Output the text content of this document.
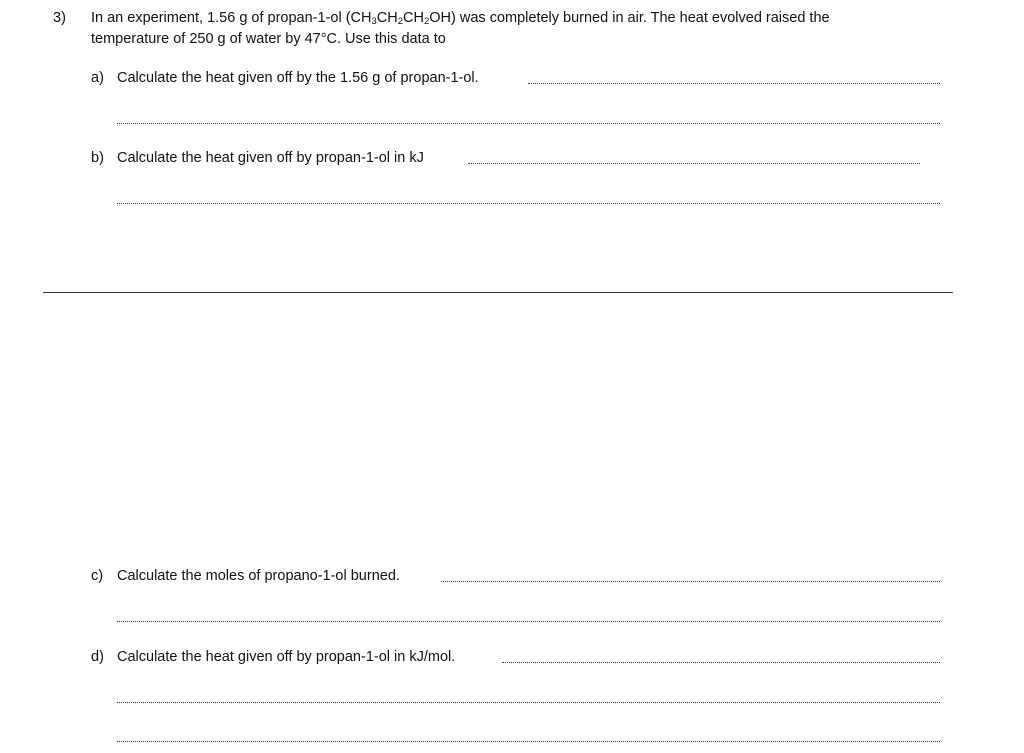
3) In an experiment, 1.56 g of propan-1-ol $(CH_3CH_2CH_2OH)$ was completely burned in air. The heat evolved raised the
temperature of 250 g of water by 47°C. Use this data to
a) Calculate the heat given off by the 1.56 g of propan-1-ol.
b) Calculate the heat given off by propan-1-ol in kJ
c) Calculate the moles of propano-1-ol burned.
d) Calculate the heat given off by propan-1-ol in kJ/mol.
